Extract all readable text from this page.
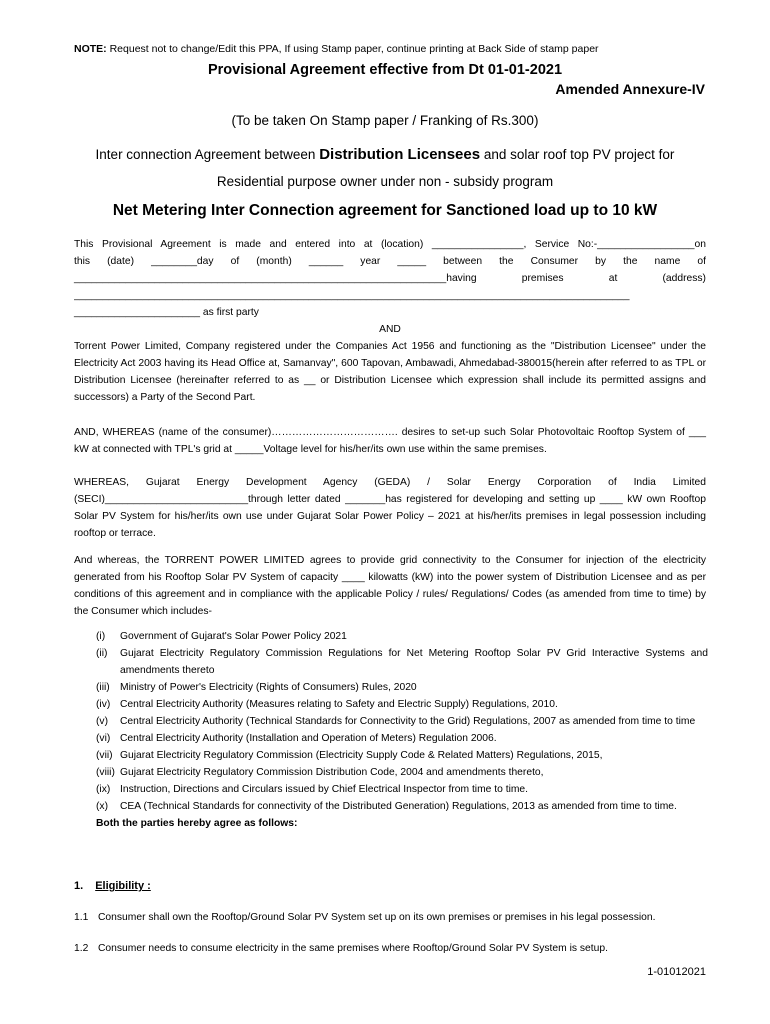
NOTE: Request not to change/Edit this PPA, If using Stamp paper, continue printing at Back Side of stamp paper
Provisional Agreement effective from Dt 01-01-2021
Amended Annexure-IV
(To be taken On Stamp paper / Franking of Rs.300)
Inter connection Agreement between Distribution Licensees and solar roof top PV project for
Residential purpose owner under non - subsidy program
Net Metering Inter Connection agreement for Sanctioned load up to 10 kW
This Provisional Agreement is made and entered into at (location) ________________, Service No:-_________________on
this (date) ________day of (month) ______ year _____ between the Consumer by the name of
_________________________________________________________________having premises at (address)
_________________________________________________________________________________________________
______________________ as first party
AND
Torrent Power Limited, Company registered under the Companies Act 1956 and functioning as the "Distribution Licensee" under the Electricity Act 2003 having its Head Office at, Samanvay", 600 Tapovan, Ambawadi, Ahmedabad-380015(herein after referred to as TPL or Distribution Licensee (hereinafter referred to as __ or Distribution Licensee which expression shall include its permitted assigns and successors) a Party of the Second Part.
AND, WHEREAS (name of the consumer)………………………………. desires to set-up such Solar Photovoltaic Rooftop System of ___ kW at connected with TPL's grid at _____Voltage level for his/her/its own use within the same premises.
WHEREAS, Gujarat Energy Development Agency (GEDA) / Solar Energy Corporation of India Limited (SECI)_________________________through letter dated _______has registered for developing and setting up ____ kW own Rooftop Solar PV System for his/her/its own use under Gujarat Solar Power Policy – 2021 at his/her/its premises in legal possession including rooftop or terrace.
And whereas, the TORRENT POWER LIMITED agrees to provide grid connectivity to the Consumer for injection of the electricity generated from his Rooftop Solar PV System of capacity ____ kilowatts (kW) into the power system of Distribution Licensee and as per conditions of this agreement and in compliance with the applicable Policy / rules/ Regulations/ Codes (as amended from time to time) by the Consumer which includes-
(i)	Government of Gujarat's Solar Power Policy 2021
(ii)	Gujarat Electricity Regulatory Commission Regulations for Net Metering Rooftop Solar PV Grid Interactive Systems and amendments thereto
(iii) Ministry of Power's Electricity (Rights of Consumers) Rules, 2020
(iv) Central Electricity Authority (Measures relating to Safety and Electric Supply) Regulations, 2010.
(v)	Central Electricity Authority (Technical Standards for Connectivity to the Grid) Regulations, 2007 as amended from time to time
(vi) Central Electricity Authority (Installation and Operation of Meters) Regulation 2006.
(vii) Gujarat Electricity Regulatory Commission (Electricity Supply Code & Related Matters) Regulations, 2015,
(viii) Gujarat Electricity Regulatory Commission Distribution Code, 2004 and amendments thereto,
(ix) Instruction, Directions and Circulars issued by Chief Electrical Inspector from time to time.
(x)	CEA (Technical Standards for connectivity of the Distributed Generation) Regulations, 2013 as amended from time to time.
Both the parties hereby agree as follows:
1. Eligibility :
1.1 Consumer shall own the Rooftop/Ground Solar PV System set up on its own premises or premises in his legal possession.
1.2 Consumer needs to consume electricity in the same premises where Rooftop/Ground Solar PV System is setup.
1-01012021
